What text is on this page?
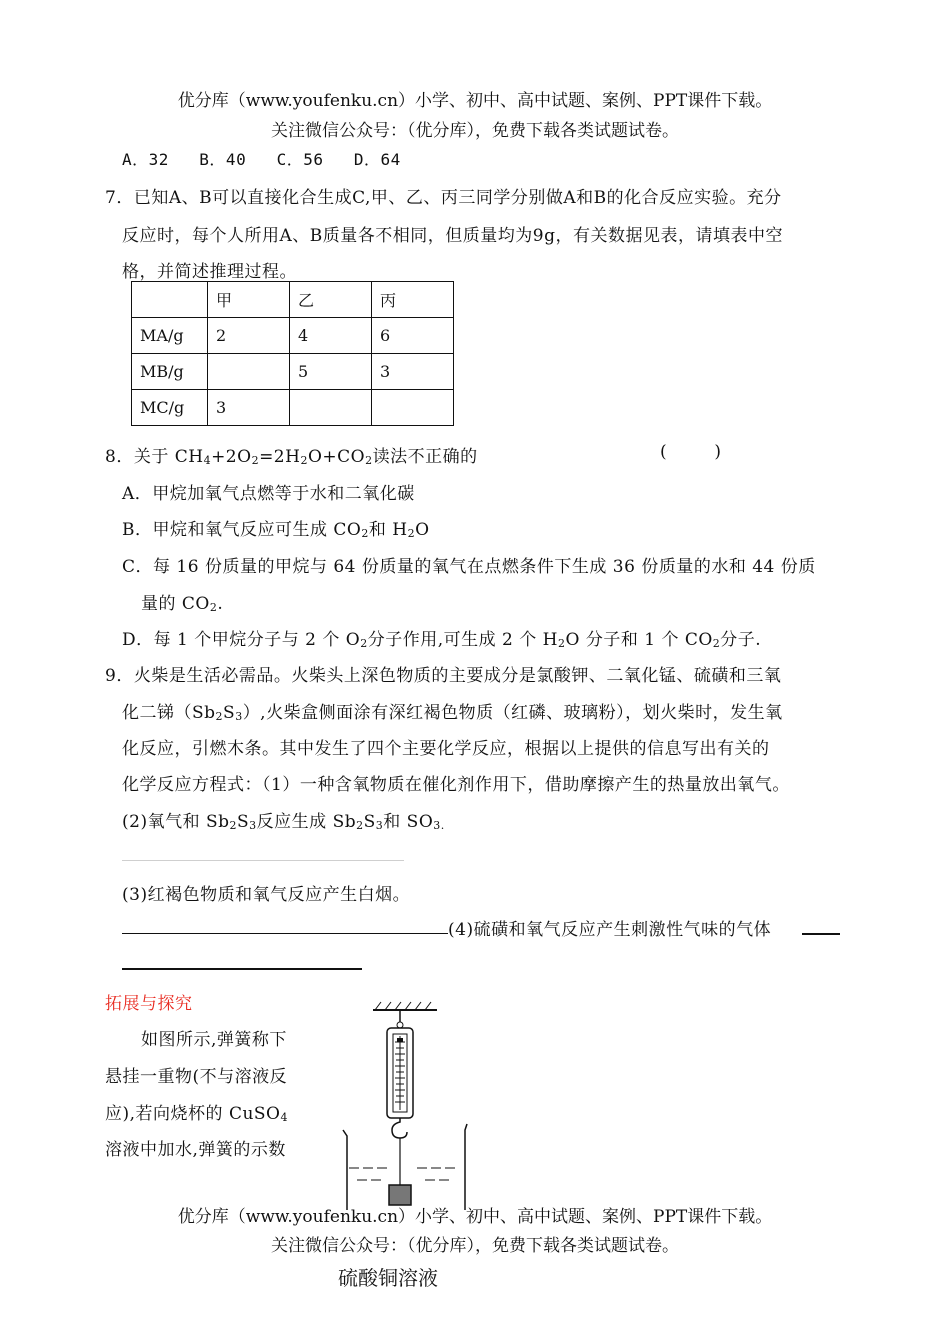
优分库（www.youfenku.cn）小学、初中、高中试题、案例、PPT课件下载。
关注微信公众号：（优分库），免费下载各类试题试卷。
A．32   B．40   C．56   D．64
7．已知A、B可以直接化合生成C,甲、乙、丙三同学分别做A和B的化合反应实验。充分
反应时，每个人所用A、B质量各不相同，但质量均为9g，有关数据见表，请填表中空
格，并简述推理过程。
	甲	乙	丙
MA/g	2	4	6
MB/g		5	3
MC/g	3		
8．关于 $CH_4+2O_2=2H_2O+CO_2$读法不正确的	(        )
A．甲烷加氧气点燃等于水和二氧化碳
B．甲烷和氧气反应可生成 $CO_2$和 $H_2O$
C．每 16 份质量的甲烷与 64 份质量的氧气在点燃条件下生成 36 份质量的水和 44 份质
量的 $CO_2$.
D．每 1 个甲烷分子与 2 个 $O_2$分子作用,可生成 2 个 $H_2O$ 分子和 1 个 $CO_2$分子.
9．火柴是生活必需品。火柴头上深色物质的主要成分是氯酸钾、二氧化锰、硫磺和三氧
化二锑$(Sb_2S_3)$,火柴盒侧面涂有深红褐色物质（红磷、玻璃粉），划火柴时，发生氧
化反应，引燃木条。其中发生了四个主要化学反应，根据以上提供的信息写出有关的
化学反应方程式：（1）一种含氧物质在催化剂作用下，借助摩擦产生的热量放出氧气。
(2)氧气和 $Sb_2S_3$反应生成 $Sb_2S_3$和 $SO_{3.}$
(3)红褐色物质和氧气反应产生白烟。
(4)硫磺和氧气反应产生刺激性气味的气体
拓展与探究
如图所示,弹簧称下
悬挂一重物(不与溶液反
应),若向烧杯的 CuSO$_4$
溶液中加水,弹簧的示数
优分库（www.youfenku.cn）小学、初中、高中试题、案例、PPT课件下载。
关注微信公众号：（优分库），免费下载各类试题试卷。
硫酸铜溶液
